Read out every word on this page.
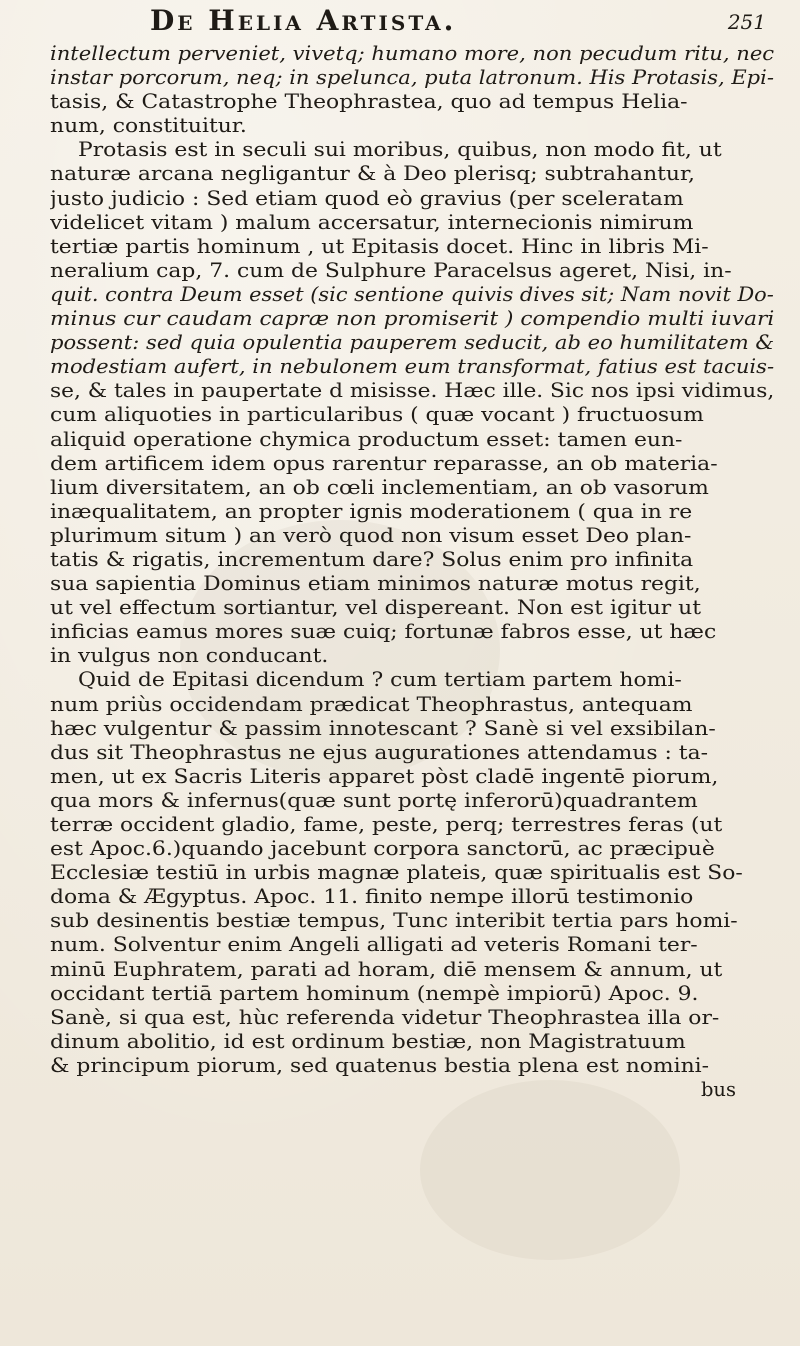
De Helia Artista.	251
intellectum perveniet, vivetq; humano more, non pecudum ritu, nec
instar porcorum, neq; in spelunca, puta latronum. His Protasis, Epi-
tasis, & Catastrophe Theophrastea, quo ad tempus Helia-
num, constituitur.
Protasis est in seculi sui moribus, quibus, non modo fit, ut
naturæ arcana negligantur & à Deo plerisq; subtrahantur,
justo judicio : Sed etiam quod eò gravius (per sceleratam
videlicet vitam ) malum accersatur, internecionis nimirum
tertiæ partis hominum , ut Epitasis docet. Hinc in libris Mi-
neralium cap, 7. cum de Sulphure Paracelsus ageret, Nisi, in-
quit. contra Deum esset (sic sentione quivis dives sit; Nam novit Do-
minus cur caudam capræ non promiserit ) compendio multi iuvari
possent: sed quia opulentia pauperem seducit, ab eo humilitatem &
modestiam aufert, in nebulonem eum transformat, fatius est tacuis-
se, & tales in paupertate d misisse. Hæc ille. Sic nos ipsi vidimus,
cum aliquoties in particularibus ( quæ vocant ) fructuosum
aliquid operatione chymica productum esset: tamen eun-
dem artificem idem opus rarentur reparasse, an ob materia-
lium diversitatem, an ob cœli inclementiam, an ob vasorum
inæqualitatem, an propter ignis moderationem ( qua in re
plurimum situm ) an verò quod non visum esset Deo plan-
tatis & rigatis, incrementum dare? Solus enim pro infinita
sua sapientia Dominus etiam minimos naturæ motus regit,
ut vel effectum sortiantur, vel dispereant. Non est igitur ut
inficias eamus mores suæ cuiq; fortunæ fabros esse, ut hæc
in vulgus non conducant.
Quid de Epitasi dicendum ? cum tertiam partem homi-
num priùs occidendam prædicat Theophrastus, antequam
hæc vulgentur & passim innotescant ? Sanè si vel exsibilan-
dus sit Theophrastus ne ejus augurationes attendamus : ta-
men, ut ex Sacris Literis apparet pòst cladē ingentē piorum,
qua mors & infernus(quæ sunt portę inferorū)quadrantem
terræ occident gladio, fame, peste, perq; terrestres feras (ut
est Apoc.6.)quando jacebunt corpora sanctorū, ac præcipuè
Ecclesiæ testiū in urbis magnæ plateis, quæ spiritualis est So-
doma & Ægyptus. Apoc. 11. finito nempe illorū testimonio
sub desinentis bestiæ tempus, Tunc interibit tertia pars homi-
num. Solventur enim Angeli alligati ad veteris Romani ter-
minū Euphratem, parati ad horam, diē mensem & annum, ut
occidant tertiā partem hominum (nempè impiorū) Apoc. 9.
Sanè, si qua est, hùc referenda videtur Theophrastea illa or-
dinum abolitio, id est ordinum bestiæ, non Magistratuum
& principum piorum, sed quatenus bestia plena est nomini-
bus
